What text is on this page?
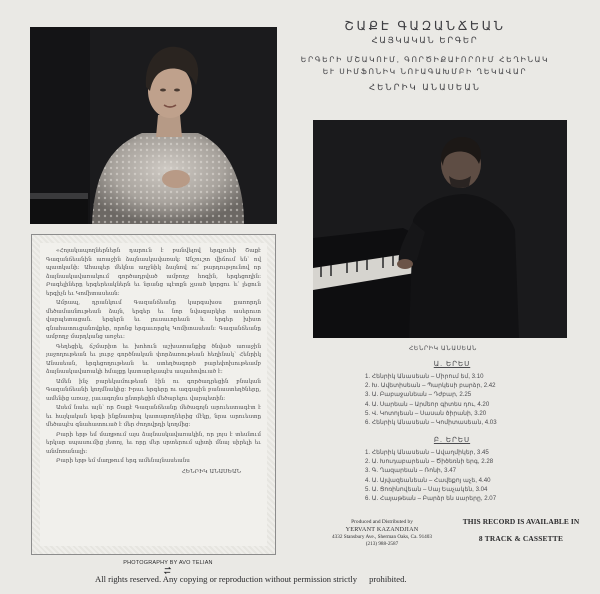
«Հոյակապողներներն դարուն է բանվելով երգչուհի Շաքէ Գազանճեանին առաջին ձայնասկավառակ: Անշուշտ վիճում են՝ ով պատկանի: Ահապեր մեկնա աղջնիկ ձայնով ու՛ բարդությունով որ ձայնասկավառակում գործադրված ամբողջ հոգին, երգեցողին: Բագելիները երգերեակներն եւ նրանց պէտքն չլսած կորցու և՛ լեցուն երգիչն եւ Կոմիտասեան:

Ամրապ, դրանկում Գազանճեանը կարգախօս քառորդն մեծամասնութեան ձայն, երգեր եւ նոր նվագարկեր ասերուտ վարպետացան. երգերն եւ լուսաւորեան և երգեր խիստ գնահատուցանովքեր, որոնց երգաւորցել Կոմիտասեան: Գազանճեանը ամբողջ մարդկանց առջեւ:

Գեղեցիկ, ճշմարիտ եւ խոհուն աշխատանքից ծնված առաջին յաջողութեան եւ լուրջ գործնական փորձառութեան հեղինակ՝ Հենրիկ Անասեան, երգեցողութեան եւ ստեղծագործ բարեփոխութեամբ ձայնասկավառակի հմայքը կատարելապէս ապահովուած է:

Ամեն ինչ բարեկամութեան էին ու գործադրեցին բնական Գազանճեանի կողմնակից: Իրաւ երգերը ու ազգային բանաստեղծները, ամենից առաջ, լաւագոյնս ընտրեցին մեծարելու վարպետին:

Ասեմ նաեւ այն՝ որ Շաքէ Գազանճեանը մեծագոյն արուեստագէտ է եւ հայկական երգի ինքնատիպ կատարողներից մէկը, նրա արուեստը մեծապէս գնահատուած է մեր ժողովրդի կողմից:

Բարի երթ եմ մաղթում այս ձայնասկավառակին, որ լոյս է տեսնում երկար սպասումից յետոյ, եւ որը մեր սրտերում պիտի մնայ սիրելի եւ անմոռանալի:

Բարի երթ եմ մաղթում երգ ամենայնասեանս

ՀԵՆՐԻԿ ԱՆԱՍԵԱՆ
PHOTOGRAPHY BY AVO TELIAN
ՇԱՔԷ ԳԱԶԱՆՃԵԱՆ
ՀԱՅԿԱԿԱՆ ԵՐԳԵՐ
ԵՐԳԵՐԻ ՄՇԱԿՈՒՄ, ԳՈՐԾԻՔԱՒՈՐՈՒՄ ՀԵՂԻՆԱԿ
ԵՒ ՍԻՄՖՈՆԻԿ ՆՈՒԱԳԱԽՄԲԻ ՂԵԿԱՎԱՐ
ՀԵՆՐԻԿ ԱՆԱՍԵԱՆ
ՀԵՆՐԻԿ ԱՆԱՍԵԱՆ
Ա. ԵՐԵՍ
1. Հենրիկ Անասեան – Միրում եմ, 3.10
2. Խ. Ավետիսեան – Պարկեսի բարձր, 2.42
3. Ա. Բաբաջանեան – Դժբար, 2.25
4. Ա. Սարեան – Արմեոր գիտես դու, 4.20
5. Վ. Կոտոյեան – Սասան ծիրանի, 3.20
6. Հենրիկ Անասեան – Կոմիտասեան, 4.03
Բ. ԵՐԵՍ
1. Հենրիկ Անասեան – Ավաղմիկեր, 3.45
2. Ա. Խուդաբարեան – Ծիծեռնի երգ, 2.28
3. Գ. Ղազարեան – Ռոնի, 3.47
4. Ա. Այվազեանեան – Հավեքոյ աչե, 4.40
5. Ա. Ցոռինովեան – Սայ Եաչակեն, 3.04
6. Ա. Հայաթեան – Բարձր են սարերը, 2.07
Produced and Distributed by
YERVANT KAZANDJIAN
4332 Stansbury Ave., Sherman Oaks, Ca. 91403
(213) 988-2587
THIS RECORD IS AVAILABLE IN
8 TRACK & CASSETTE
All rights reserved. Any copying or reproduction without permission strictly prohibited.
